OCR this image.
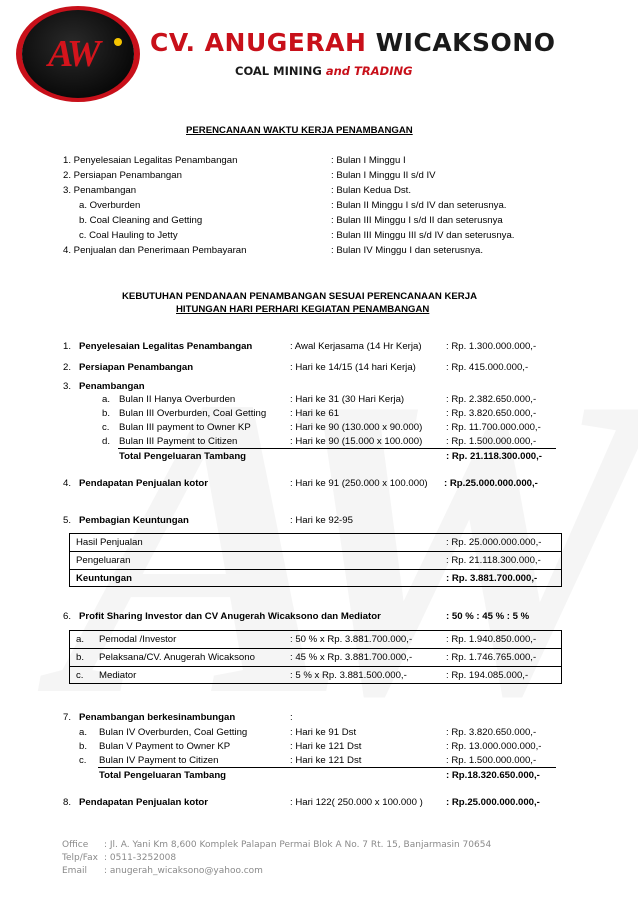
AW CV. ANUGERAH WICAKSONO
COAL MINING and TRADING
PERENCANAAN WAKTU KERJA PENAMBANGAN
1. Penyelesaian Legalitas Penambangan	: Bulan I Minggu I
2. Persiapan Penambangan	: Bulan I Minggu II s/d IV
3. Penambangan	: Bulan Kedua Dst.
a. Overburden	: Bulan II Minggu I s/d IV dan seterusnya.
b. Coal Cleaning and Getting	: Bulan III Minggu I s/d II dan seterusnya
c. Coal Hauling to Jetty	: Bulan III Minggu III s/d IV dan seterusnya.
4. Penjualan dan Penerimaan Pembayaran	: Bulan IV Minggu I dan seterusnya.
KEBUTUHAN PENDANAAN PENAMBANGAN SESUAI PERENCANAAN KERJA
HITUNGAN HARI PERHARI KEGIATAN PENAMBANGAN
1. Penyelesaian Legalitas Penambangan	: Awal Kerjasama (14 Hr Kerja)	: Rp. 1.300.000.000,-
2. Persiapan Penambangan	: Hari ke 14/15 (14 hari Kerja)	: Rp. 415.000.000,-
3. Penambangan
a. Bulan II Hanya Overburden	: Hari ke 31 (30 Hari Kerja)	: Rp. 2.382.650.000,-
b. Bulan III Overburden, Coal Getting : Hari ke 61	: Rp. 3.820.650.000,-
c. Bulan III payment to Owner KP	: Hari ke 90 (130.000 x 90.000) : Rp. 11.700.000.000,-
d. Bulan III Payment to Citizen	: Hari ke 90 (15.000 x 100.000) : Rp. 1.500.000.000,-
Total Pengeluaran Tambang	: Rp. 21.118.300.000,-
4. Pendapatan Penjualan kotor	: Hari ke 91 (250.000 x 100.000) : Rp.25.000.000.000,-
5. Pembagian Keuntungan	: Hari ke 92-95
Hasil Penjualan	: Rp. 25.000.000.000,-
Pengeluaran	: Rp. 21.118.300.000,-
Keuntungan	: Rp. 3.881.700.000,-
6. Profit Sharing Investor dan CV Anugerah Wicaksono dan Mediator	: 50 % : 45 % : 5 %
a. Pemodal /Investor	: 50 % x Rp. 3.881.700.000,-	: Rp. 1.940.850.000,-
b. Pelaksana/CV. Anugerah Wicaksono	: 45 % x Rp. 3.881.700.000,-	: Rp. 1.746.765.000,-
c. Mediator	: 5 % x Rp. 3.881.500.000,-	: Rp. 194.085.000,-
7. Penambangan berkesinambungan	:
a. Bulan IV Overburden, Coal Getting	: Hari ke 91 Dst	: Rp. 3.820.650.000,-
b. Bulan V Payment to Owner KP	: Hari ke 121 Dst	: Rp. 13.000.000.000,-
c. Bulan IV Payment to Citizen	: Hari ke 121 Dst	: Rp. 1.500.000.000,-
Total Pengeluaran Tambang	: Rp.18.320.650.000,-
8. Pendapatan Penjualan kotor	: Hari 122( 250.000 x 100.000 ) : Rp.25.000.000.000,-
Office : Jl. A. Yani Km 8,600 Komplek Palapan Permai Blok A No. 7 Rt. 15, Banjarmasin 70654
Telp/Fax : 0511-3252008
Email : anugerah_wicaksono@yahoo.com
